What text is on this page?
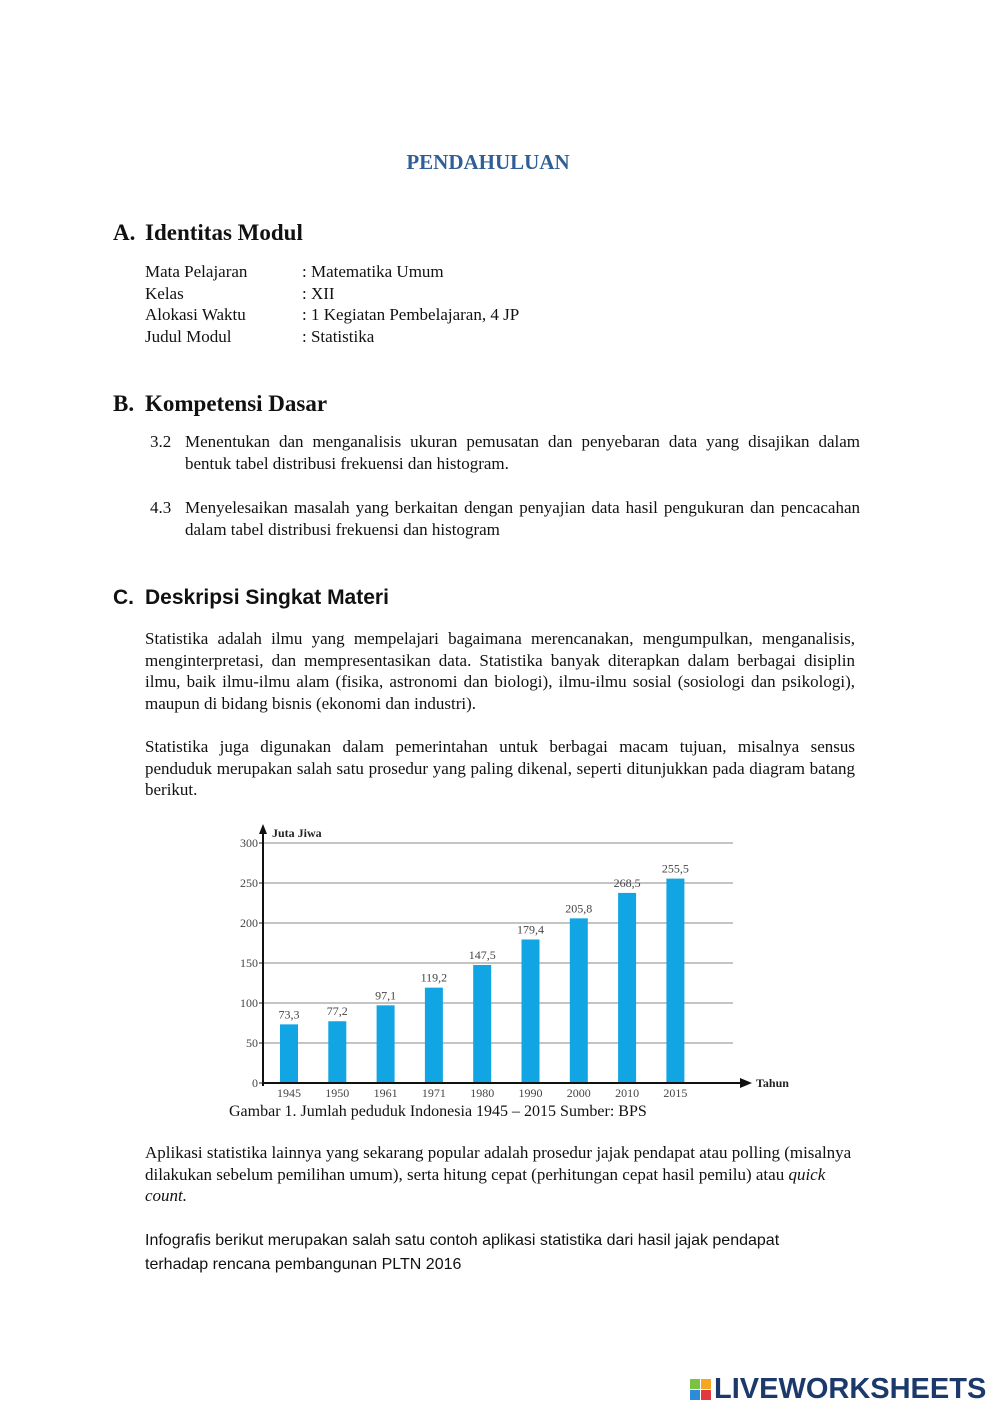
PENDAHULUAN
A. Identitas Modul
Mata Pelajaran	: Matematika Umum
Kelas	: XII
Alokasi Waktu	: 1 Kegiatan Pembelajaran, 4 JP
Judul Modul	: Statistika
B. Kompetensi Dasar
3.2 Menentukan dan menganalisis ukuran pemusatan dan penyebaran data yang disajikan dalam bentuk tabel distribusi frekuensi dan histogram.
4.3 Menyelesaikan masalah yang berkaitan dengan penyajian data hasil pengukuran dan pencacahan dalam tabel distribusi frekuensi dan histogram
C. Deskripsi Singkat Materi
Statistika adalah ilmu yang mempelajari bagaimana merencanakan, mengumpulkan, menganalisis, menginterpretasi, dan mempresentasikan data. Statistika banyak diterapkan dalam berbagai disiplin ilmu, baik ilmu-ilmu alam (fisika, astronomi dan biologi), ilmu-ilmu sosial (sosiologi dan psikologi), maupun di bidang bisnis (ekonomi dan industri).
Statistika juga digunakan dalam pemerintahan untuk berbagai macam tujuan, misalnya sensus penduduk merupakan salah satu prosedur yang paling dikenal, seperti ditunjukkan pada diagram batang berikut.
0
50
100
150
200
250
300
73,3
1945
77,2
1950
97,1
1961
119,2
1971
147,5
1980
179,4
1990
205,8
2000
268,5
2010
255,5
2015
Juta Jiwa
Tahun
Gambar 1. Jumlah peduduk Indonesia 1945 – 2015 Sumber: BPS
Aplikasi statistika lainnya yang sekarang popular adalah prosedur jajak pendapat atau polling (misalnya dilakukan sebelum pemilihan umum), serta hitung cepat (perhitungan cepat hasil pemilu) atau quick count.
Infografis berikut merupakan salah satu contoh aplikasi statistika dari hasil jajak pendapat terhadap rencana pembangunan PLTN 2016
LIVEWORKSHEETS
